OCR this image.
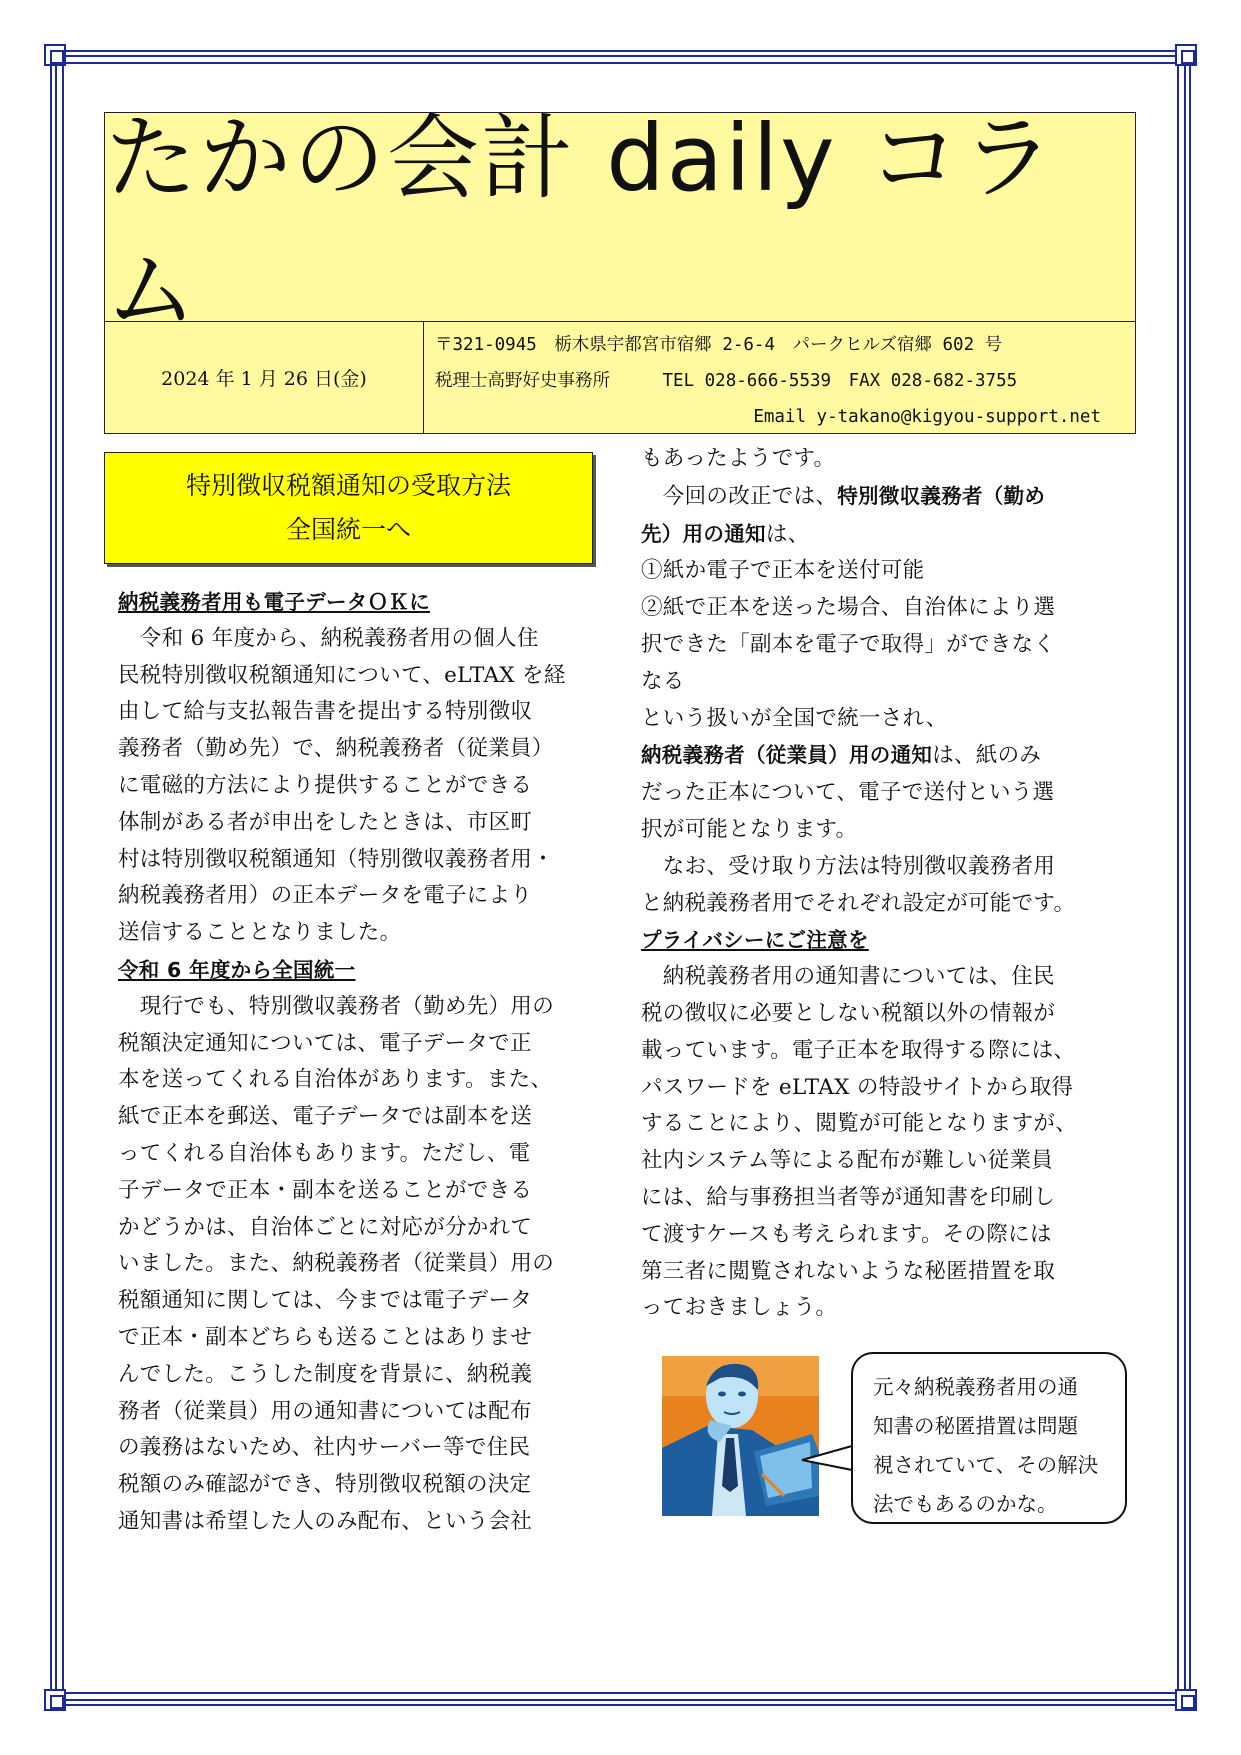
たかの会計 daily コラム
2024 年 1 月 26 日(金)
〒321-0945　栃木県宇都宮市宿郷 2-6-4　パークヒルズ宿郷 602 号
税理士高野好史事務所　　　TEL 028-666-5539　FAX 028-682-3755
Email y-takano@kigyou-support.net
特別徴収税額通知の受取方法
全国統一へ

納税義務者用も電子データＯＫに

　令和 6 年度から、納税義務者用の個人住

民税特別徴収税額通知について、eLTAX を経

由して給与支払報告書を提出する特別徴収

義務者（勤め先）で、納税義務者（従業員）

に電磁的方法により提供することができる

体制がある者が申出をしたときは、市区町

村は特別徴収税額通知（特別徴収義務者用・

納税義務者用）の正本データを電子により

送信することとなりました。

令和 6 年度から全国統一

　現行でも、特別徴収義務者（勤め先）用の

税額決定通知については、電子データで正

本を送ってくれる自治体があります。また、

紙で正本を郵送、電子データでは副本を送

ってくれる自治体もあります。ただし、電

子データで正本・副本を送ることができる

かどうかは、自治体ごとに対応が分かれて

いました。また、納税義務者（従業員）用の

税額通知に関しては、今までは電子データ

で正本・副本どちらも送ることはありませ

んでした。こうした制度を背景に、納税義

務者（従業員）用の通知書については配布

の義務はないため、社内サーバー等で住民

税額のみ確認ができ、特別徴収税額の決定

通知書は希望した人のみ配布、という会社

もあったようです。

　今回の改正では、特別徴収義務者（勤め

先）用の通知は、

①紙か電子で正本を送付可能

②紙で正本を送った場合、自治体により選

択できた「副本を電子で取得」ができなく

なる

という扱いが全国で統一され、

納税義務者（従業員）用の通知は、紙のみ

だった正本について、電子で送付という選

択が可能となります。

　なお、受け取り方法は特別徴収義務者用

と納税義務者用でそれぞれ設定が可能です。

プライバシーにご注意を

　納税義務者用の通知書については、住民

税の徴収に必要としない税額以外の情報が

載っています。電子正本を取得する際には、

パスワードを eLTAX の特設サイトから取得

することにより、閲覧が可能となりますが、

社内システム等による配布が難しい従業員

には、給与事務担当者等が通知書を印刷し

て渡すケースも考えられます。その際には

第三者に閲覧されないような秘匿措置を取

っておきましょう。

元々納税義務者用の通
知書の秘匿措置は問題
視されていて、その解決
法でもあるのかな。
